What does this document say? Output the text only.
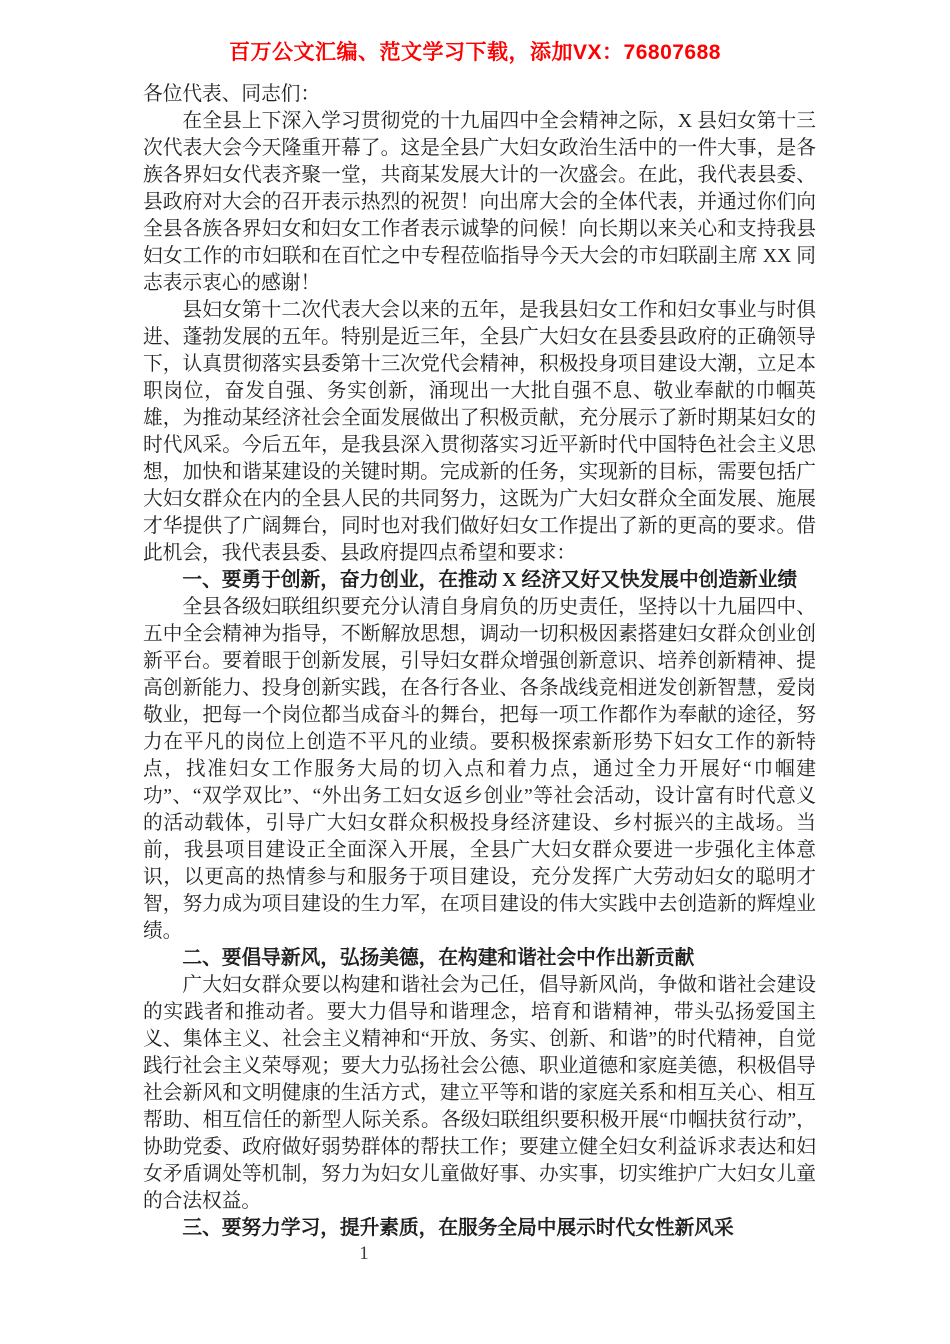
百万公文汇编、范文学习下载，添加VX：76807688

各位代表、同志们：

在全县上下深入学习贯彻党的十九届四中全会精神之际，X 县妇女第十三次代表大会今天隆重开幕了。这是全县广大妇女政治生活中的一件大事，是各族各界妇女代表齐聚一堂，共商某发展大计的一次盛会。在此，我代表县委、县政府对大会的召开表示热烈的祝贺！向出席大会的全体代表，并通过你们向全县各族各界妇女和妇女工作者表示诚挚的问候！向长期以来关心和支持我县妇女工作的市妇联和在百忙之中专程莅临指导今天大会的市妇联副主席 XX 同志表示衷心的感谢！

县妇女第十二次代表大会以来的五年，是我县妇女工作和妇女事业与时俱进、蓬勃发展的五年。特别是近三年，全县广大妇女在县委县政府的正确领导下，认真贯彻落实县委第十三次党代会精神，积极投身项目建设大潮，立足本职岗位，奋发自强、务实创新，涌现出一大批自强不息、敬业奉献的巾帼英雄，为推动某经济社会全面发展做出了积极贡献，充分展示了新时期某妇女的时代风采。今后五年，是我县深入贯彻落实习近平新时代中国特色社会主义思想，加快和谐某建设的关键时期。完成新的任务，实现新的目标，需要包括广大妇女群众在内的全县人民的共同努力，这既为广大妇女群众全面发展、施展才华提供了广阔舞台，同时也对我们做好妇女工作提出了新的更高的要求。借此机会，我代表县委、县政府提四点希望和要求：

一、要勇于创新，奋力创业，在推动 X 经济又好又快发展中创造新业绩

全县各级妇联组织要充分认清自身肩负的历史责任，坚持以十九届四中、五中全会精神为指导，不断解放思想，调动一切积极因素搭建妇女群众创业创新平台。要着眼于创新发展，引导妇女群众增强创新意识、培养创新精神、提高创新能力、投身创新实践，在各行各业、各条战线竞相迸发创新智慧，爱岗敬业，把每一个岗位都当成奋斗的舞台，把每一项工作都作为奉献的途径，努力在平凡的岗位上创造不平凡的业绩。要积极探索新形势下妇女工作的新特点，找准妇女工作服务大局的切入点和着力点，通过全力开展好“巾帼建功”、“双学双比”、“外出务工妇女返乡创业”等社会活动，设计富有时代意义的活动载体，引导广大妇女群众积极投身经济建设、乡村振兴的主战场。当前，我县项目建设正全面深入开展，全县广大妇女群众要进一步强化主体意识，以更高的热情参与和服务于项目建设，充分发挥广大劳动妇女的聪明才智，努力成为项目建设的生力军，在项目建设的伟大实践中去创造新的辉煌业绩。

二、要倡导新风，弘扬美德，在构建和谐社会中作出新贡献

广大妇女群众要以构建和谐社会为己任，倡导新风尚，争做和谐社会建设的实践者和推动者。要大力倡导和谐理念，培育和谐精神，带头弘扬爱国主义、集体主义、社会主义精神和“开放、务实、创新、和谐”的时代精神，自觉践行社会主义荣辱观；要大力弘扬社会公德、职业道德和家庭美德，积极倡导社会新风和文明健康的生活方式，建立平等和谐的家庭关系和相互关心、相互帮助、相互信任的新型人际关系。各级妇联组织要积极开展“巾帼扶贫行动”，协助党委、政府做好弱势群体的帮扶工作；要建立健全妇女利益诉求表达和妇女矛盾调处等机制，努力为妇女儿童做好事、办实事，切实维护广大妇女儿童的合法权益。

三、要努力学习，提升素质，在服务全局中展示时代女性新风采

1
